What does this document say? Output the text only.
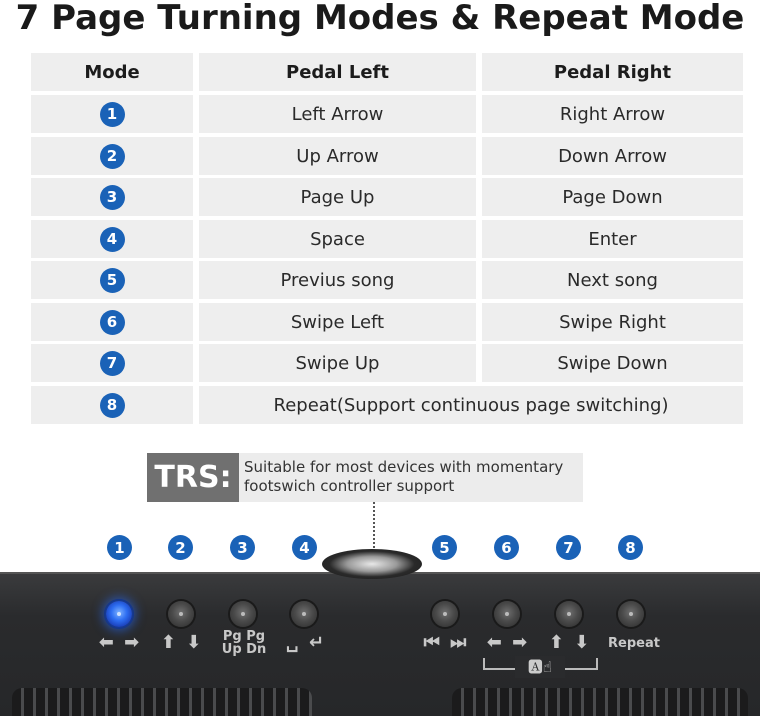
7 Page Turning Modes & Repeat Mode
Mode	Pedal Left	Pedal Right
1	Left Arrow	Right Arrow
2	Up Arrow	Down Arrow
3	Page Up	Page Down
4	Space	Enter
5	Previus song	Next song
6	Swipe Left	Swipe Right
7	Swipe Up	Swipe Down
8	Repeat(Support continuous page switching)
TRS: Suitable for most devices with momentary
footswich controller support
1	2	3	4	5	6	7	8
⬅ ➡ ⬆ ⬇	Pg Pg
Up Dn	␣ ↵	⏮ ⏭ ⬅ ➡ ⬆ ⬇	Repeat
🅰☝
